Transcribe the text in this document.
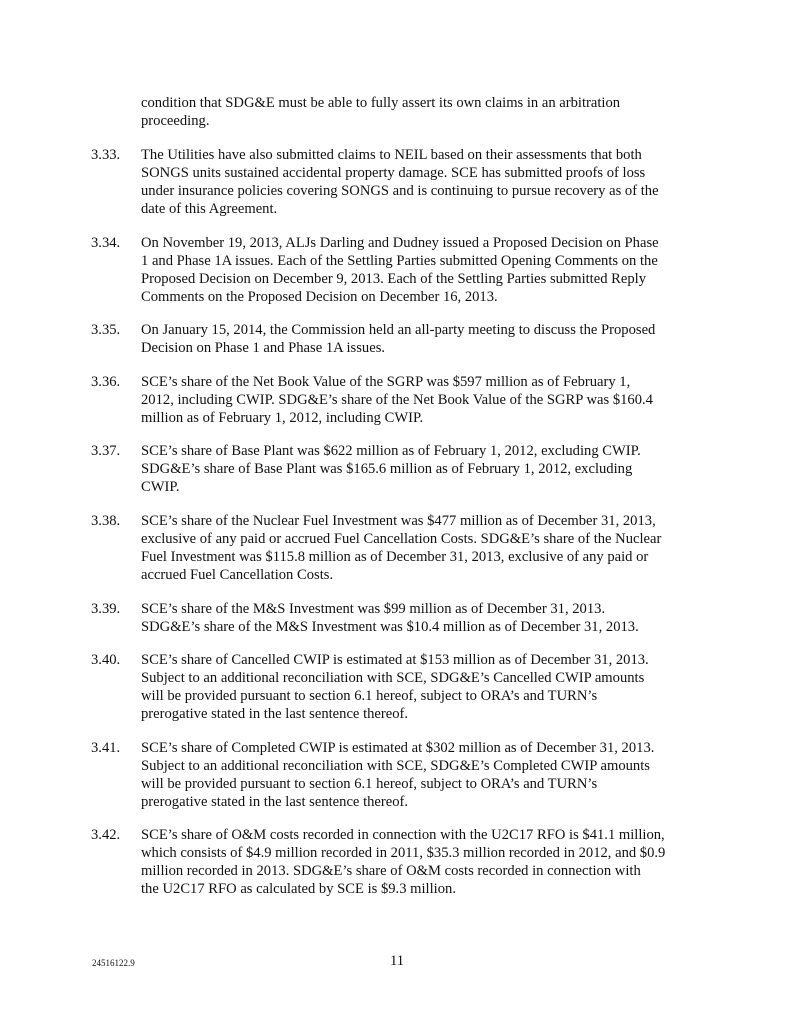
condition that SDG&E must be able to fully assert its own claims in an arbitration
proceeding.
3.33. The Utilities have also submitted claims to NEIL based on their assessments that both
SONGS units sustained accidental property damage. SCE has submitted proofs of loss
under insurance policies covering SONGS and is continuing to pursue recovery as of the
date of this Agreement.
3.34. On November 19, 2013, ALJs Darling and Dudney issued a Proposed Decision on Phase
1 and Phase 1A issues. Each of the Settling Parties submitted Opening Comments on the
Proposed Decision on December 9, 2013. Each of the Settling Parties submitted Reply
Comments on the Proposed Decision on December 16, 2013.
3.35. On January 15, 2014, the Commission held an all-party meeting to discuss the Proposed
Decision on Phase 1 and Phase 1A issues.
3.36. SCE’s share of the Net Book Value of the SGRP was $597 million as of February 1,
2012, including CWIP. SDG&E’s share of the Net Book Value of the SGRP was $160.4
million as of February 1, 2012, including CWIP.
3.37. SCE’s share of Base Plant was $622 million as of February 1, 2012, excluding CWIP.
SDG&E’s share of Base Plant was $165.6 million as of February 1, 2012, excluding
CWIP.
3.38. SCE’s share of the Nuclear Fuel Investment was $477 million as of December 31, 2013,
exclusive of any paid or accrued Fuel Cancellation Costs. SDG&E’s share of the Nuclear
Fuel Investment was $115.8 million as of December 31, 2013, exclusive of any paid or
accrued Fuel Cancellation Costs.
3.39. SCE’s share of the M&S Investment was $99 million as of December 31, 2013.
SDG&E’s share of the M&S Investment was $10.4 million as of December 31, 2013.
3.40. SCE’s share of Cancelled CWIP is estimated at $153 million as of December 31, 2013.
Subject to an additional reconciliation with SCE, SDG&E’s Cancelled CWIP amounts
will be provided pursuant to section 6.1 hereof, subject to ORA’s and TURN’s
prerogative stated in the last sentence thereof.
3.41. SCE’s share of Completed CWIP is estimated at $302 million as of December 31, 2013.
Subject to an additional reconciliation with SCE, SDG&E’s Completed CWIP amounts
will be provided pursuant to section 6.1 hereof, subject to ORA’s and TURN’s
prerogative stated in the last sentence thereof.
3.42. SCE’s share of O&M costs recorded in connection with the U2C17 RFO is $41.1 million,
which consists of $4.9 million recorded in 2011, $35.3 million recorded in 2012, and $0.9
million recorded in 2013. SDG&E’s share of O&M costs recorded in connection with
the U2C17 RFO as calculated by SCE is $9.3 million.
24516122.9	11
